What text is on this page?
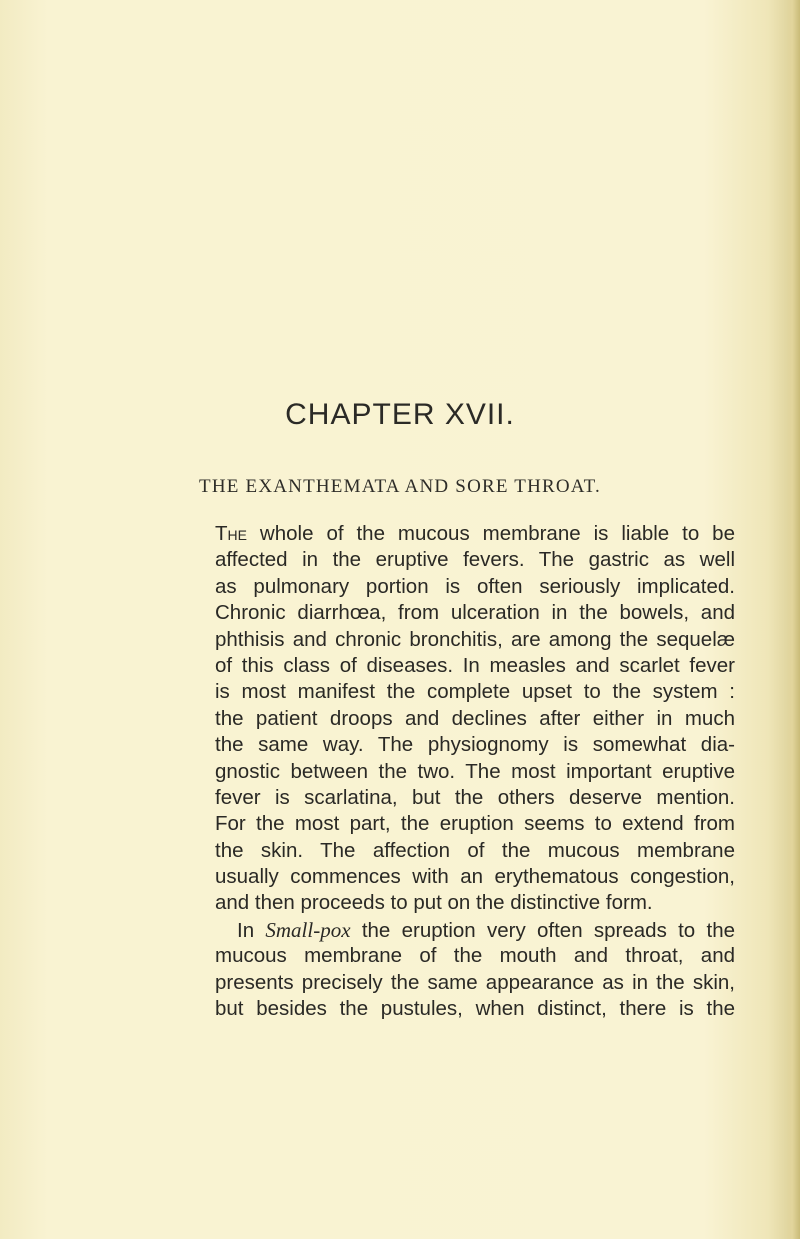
CHAPTER XVII.
THE EXANTHEMATA AND SORE THROAT.
The whole of the mucous membrane is liable to be
affected in the eruptive fevers. The gastric as well
as pulmonary portion is often seriously implicated.
Chronic diarrhœa, from ulceration in the bowels, and
phthisis and chronic bronchitis, are among the sequelæ
of this class of diseases. In measles and scarlet fever
is most manifest the complete upset to the system :
the patient droops and declines after either in much
the same way. The physiognomy is somewhat dia-
gnostic between the two. The most important eruptive
fever is scarlatina, but the others deserve mention.
For the most part, the eruption seems to extend from
the skin. The affection of the mucous membrane
usually commences with an erythematous congestion,
and then proceeds to put on the distinctive form.
In Small-pox the eruption very often spreads to the
mucous membrane of the mouth and throat, and
presents precisely the same appearance as in the skin,
but besides the pustules, when distinct, there is the
